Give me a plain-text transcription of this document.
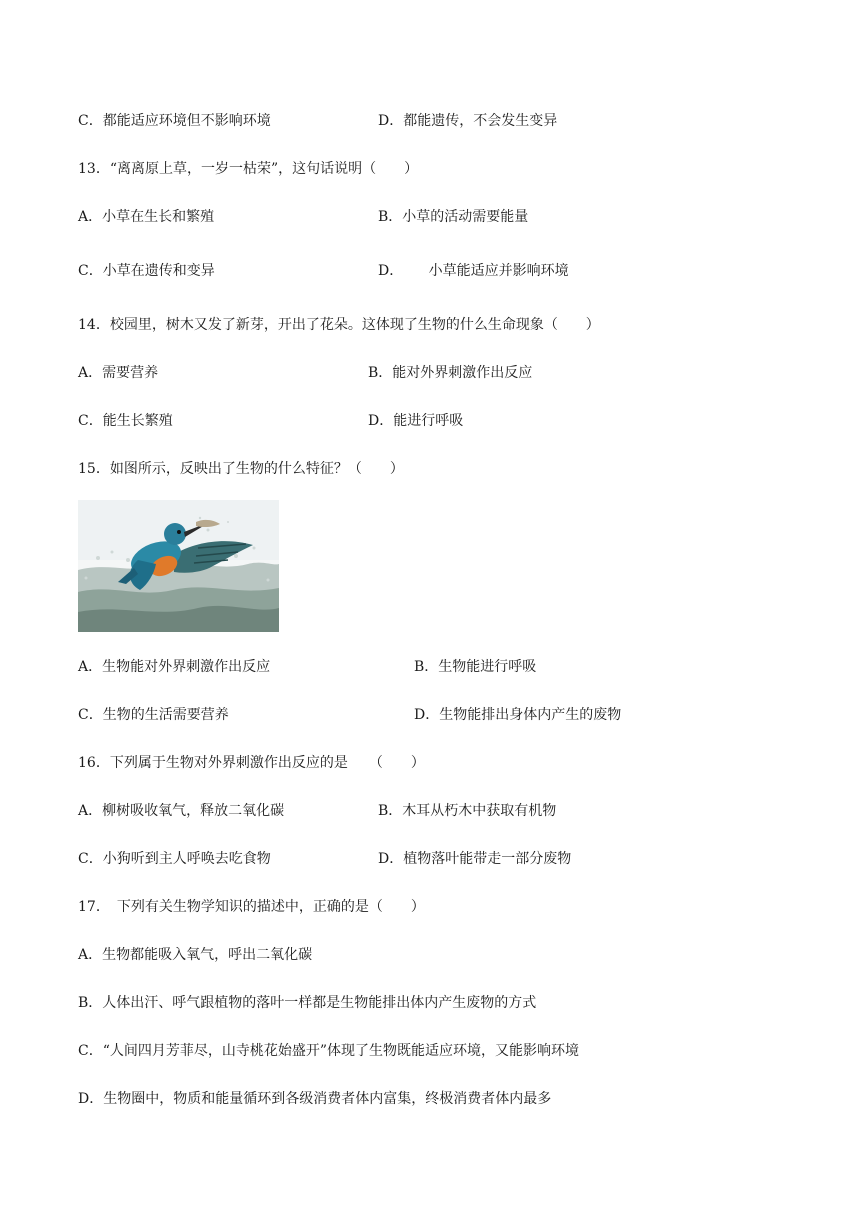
C．都能适应环境但不影响环境	D．都能遗传，不会发生变异
13．“离离原上草，一岁一枯荣”，这句话说明（　　）
A．小草在生长和繁殖	B．小草的活动需要能量
C．小草在遗传和变异	D．　　 小草能适应并影响环境
14．校园里，树木又发了新芽，开出了花朵。这体现了生物的什么生命现象（　　）
A．需要营养	B．能对外界刺激作出反应
C．能生长繁殖	D．能进行呼吸
15．如图所示，反映出了生物的什么特征？（　　）
A．生物能对外界刺激作出反应	B．生物能进行呼吸
C．生物的生活需要营养	D．生物能排出身体内产生的废物
16．下列属于生物对外界刺激作出反应的是　　（　　）
A．柳树吸收氧气，释放二氧化碳	B．木耳从朽木中获取有机物
C．小狗听到主人呼唤去吃食物	D．植物落叶能带走一部分废物
17．　下列有关生物学知识的描述中，正确的是（　　）
A．生物都能吸入氧气，呼出二氧化碳
B．人体出汗、呼气跟植物的落叶一样都是生物能排出体内产生废物的方式
C．“人间四月芳菲尽，山寺桃花始盛开”体现了生物既能适应环境，又能影响环境
D．生物圈中，物质和能量循环到各级消费者体内富集，终极消费者体内最多
